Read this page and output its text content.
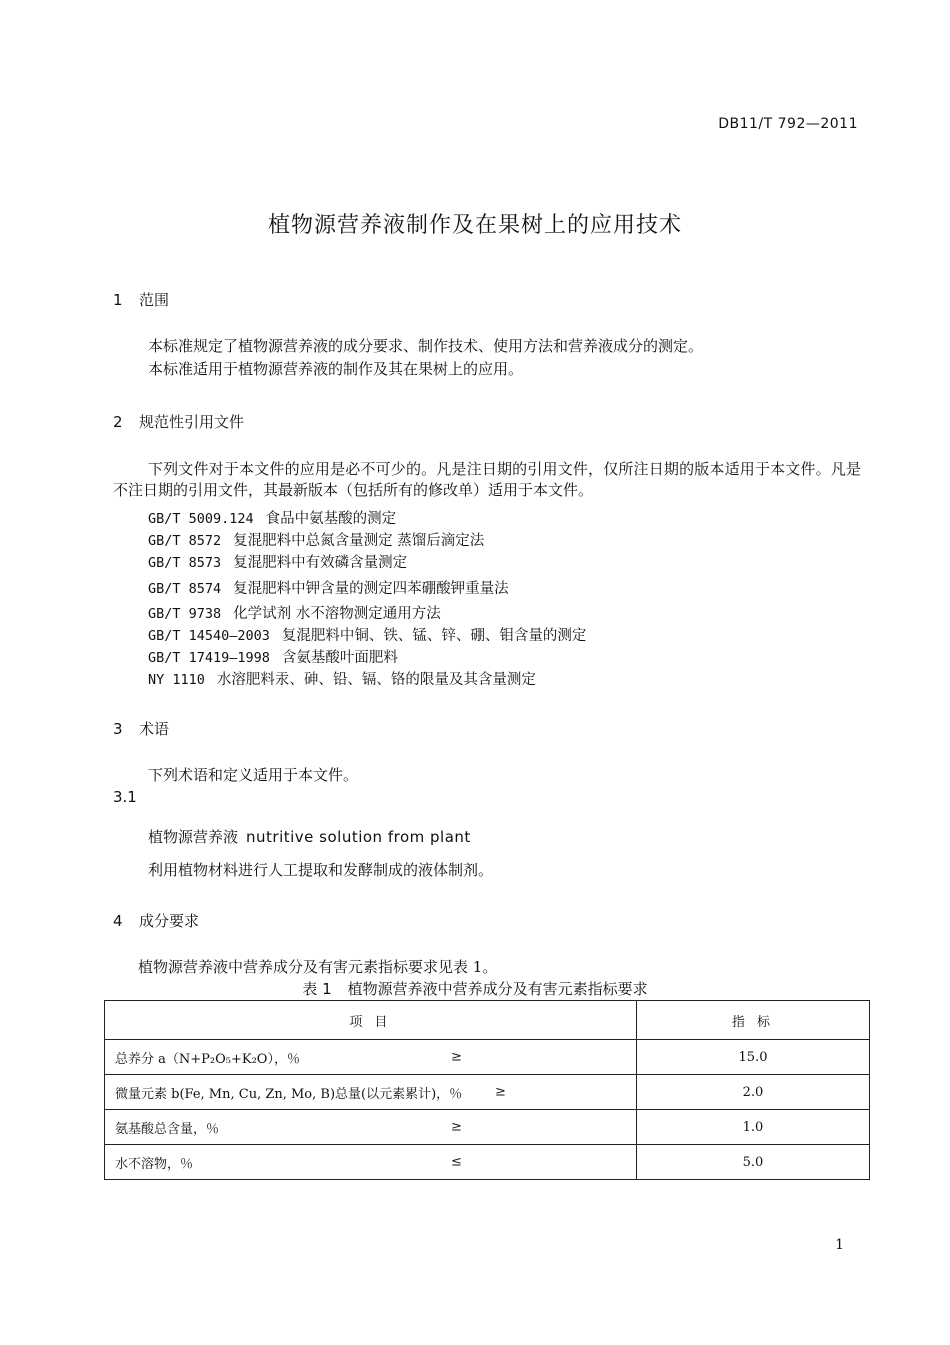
DB11/T 792—2011
植物源营养液制作及在果树上的应用技术
1 范围
本标准规定了植物源营养液的成分要求、制作技术、使用方法和营养液成分的测定。
本标准适用于植物源营养液的制作及其在果树上的应用。
2 规范性引用文件
下列文件对于本文件的应用是必不可少的。凡是注日期的引用文件，仅所注日期的版本适用于本文件。凡是不注日期的引用文件，其最新版本（包括所有的修改单）适用于本文件。
GB/T 5009.124 食品中氨基酸的测定
GB/T 8572 复混肥料中总氮含量测定 蒸馏后滴定法
GB/T 8573 复混肥料中有效磷含量测定
GB/T 8574 复混肥料中钾含量的测定四苯硼酸钾重量法
GB/T 9738 化学试剂 水不溶物测定通用方法
GB/T 14540—2003 复混肥料中铜、铁、锰、锌、硼、钼含量的测定
GB/T 17419—1998 含氨基酸叶面肥料
NY 1110 水溶肥料汞、砷、铅、镉、铬的限量及其含量测定
3 术语
下列术语和定义适用于本文件。
3.1
植物源营养液 nutritive solution from plant
利用植物材料进行人工提取和发酵制成的液体制剂。
4 成分要求
植物源营养液中营养成分及有害元素指标要求见表 1。
表 1 植物源营养液中营养成分及有害元素指标要求
项 目	指 标
总养分 a（N+P₂O₅+K₂O），％ ≥	15.0
微量元素 b(Fe, Mn, Cu, Zn, Mo, B)总量(以元素累计)，％ ≥	2.0
氨基酸总含量，％ ≥	1.0
水不溶物，％ ≤	5.0
1
